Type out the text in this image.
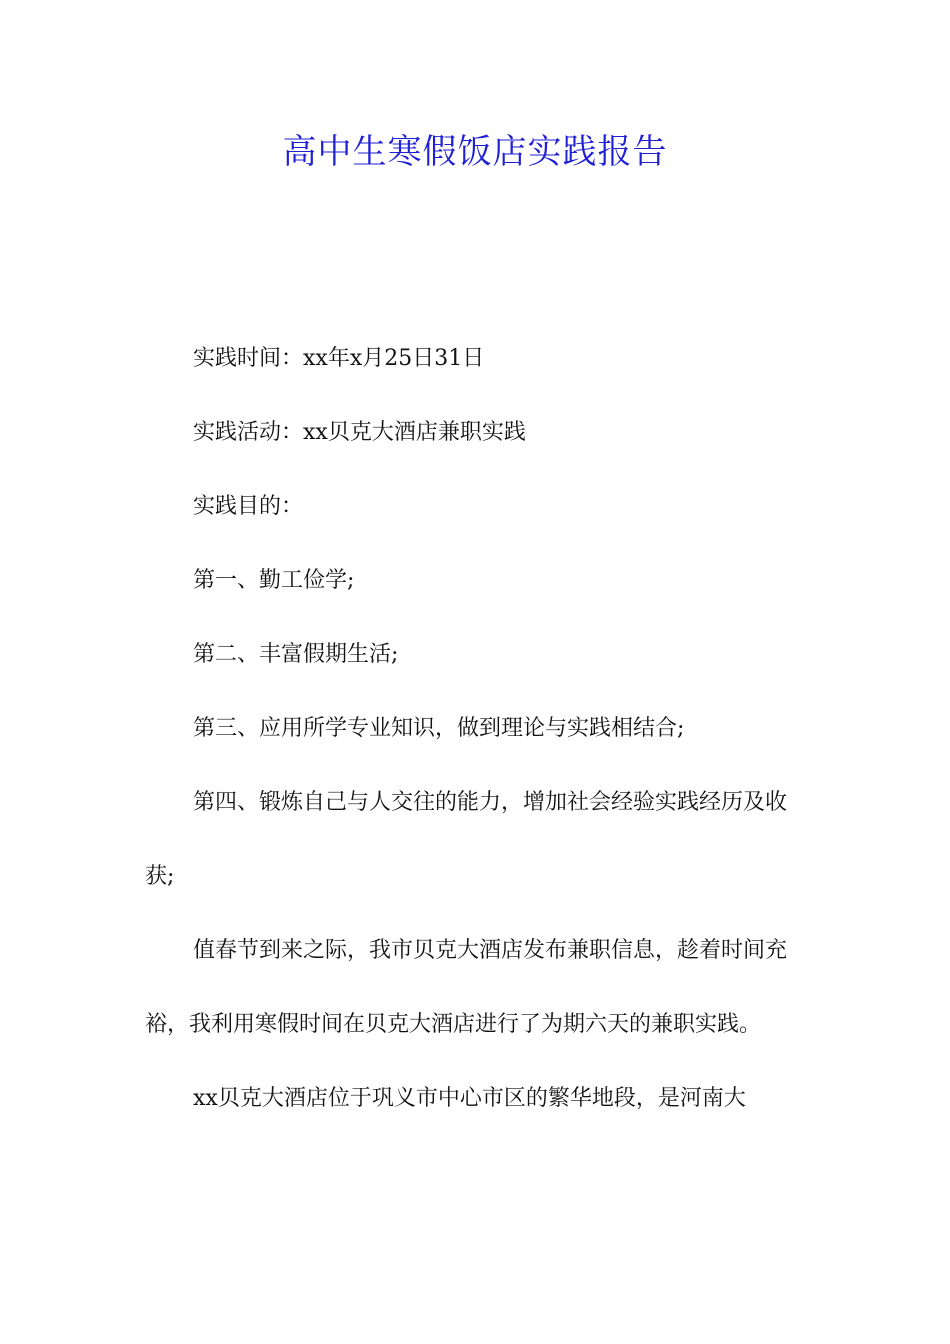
高中生寒假饭店实践报告

实践时间：xx年x月25日31日

实践活动：xx贝克大酒店兼职实践

实践目的：

第一、勤工俭学;

第二、丰富假期生活;

第三、应用所学专业知识，做到理论与实践相结合;

第四、锻炼自己与人交往的能力，增加社会经验实践经历及收获;

值春节到来之际，我市贝克大酒店发布兼职信息，趁着时间充裕，我利用寒假时间在贝克大酒店进行了为期六天的兼职实践。

xx贝克大酒店位于巩义市中心市区的繁华地段，是河南大
